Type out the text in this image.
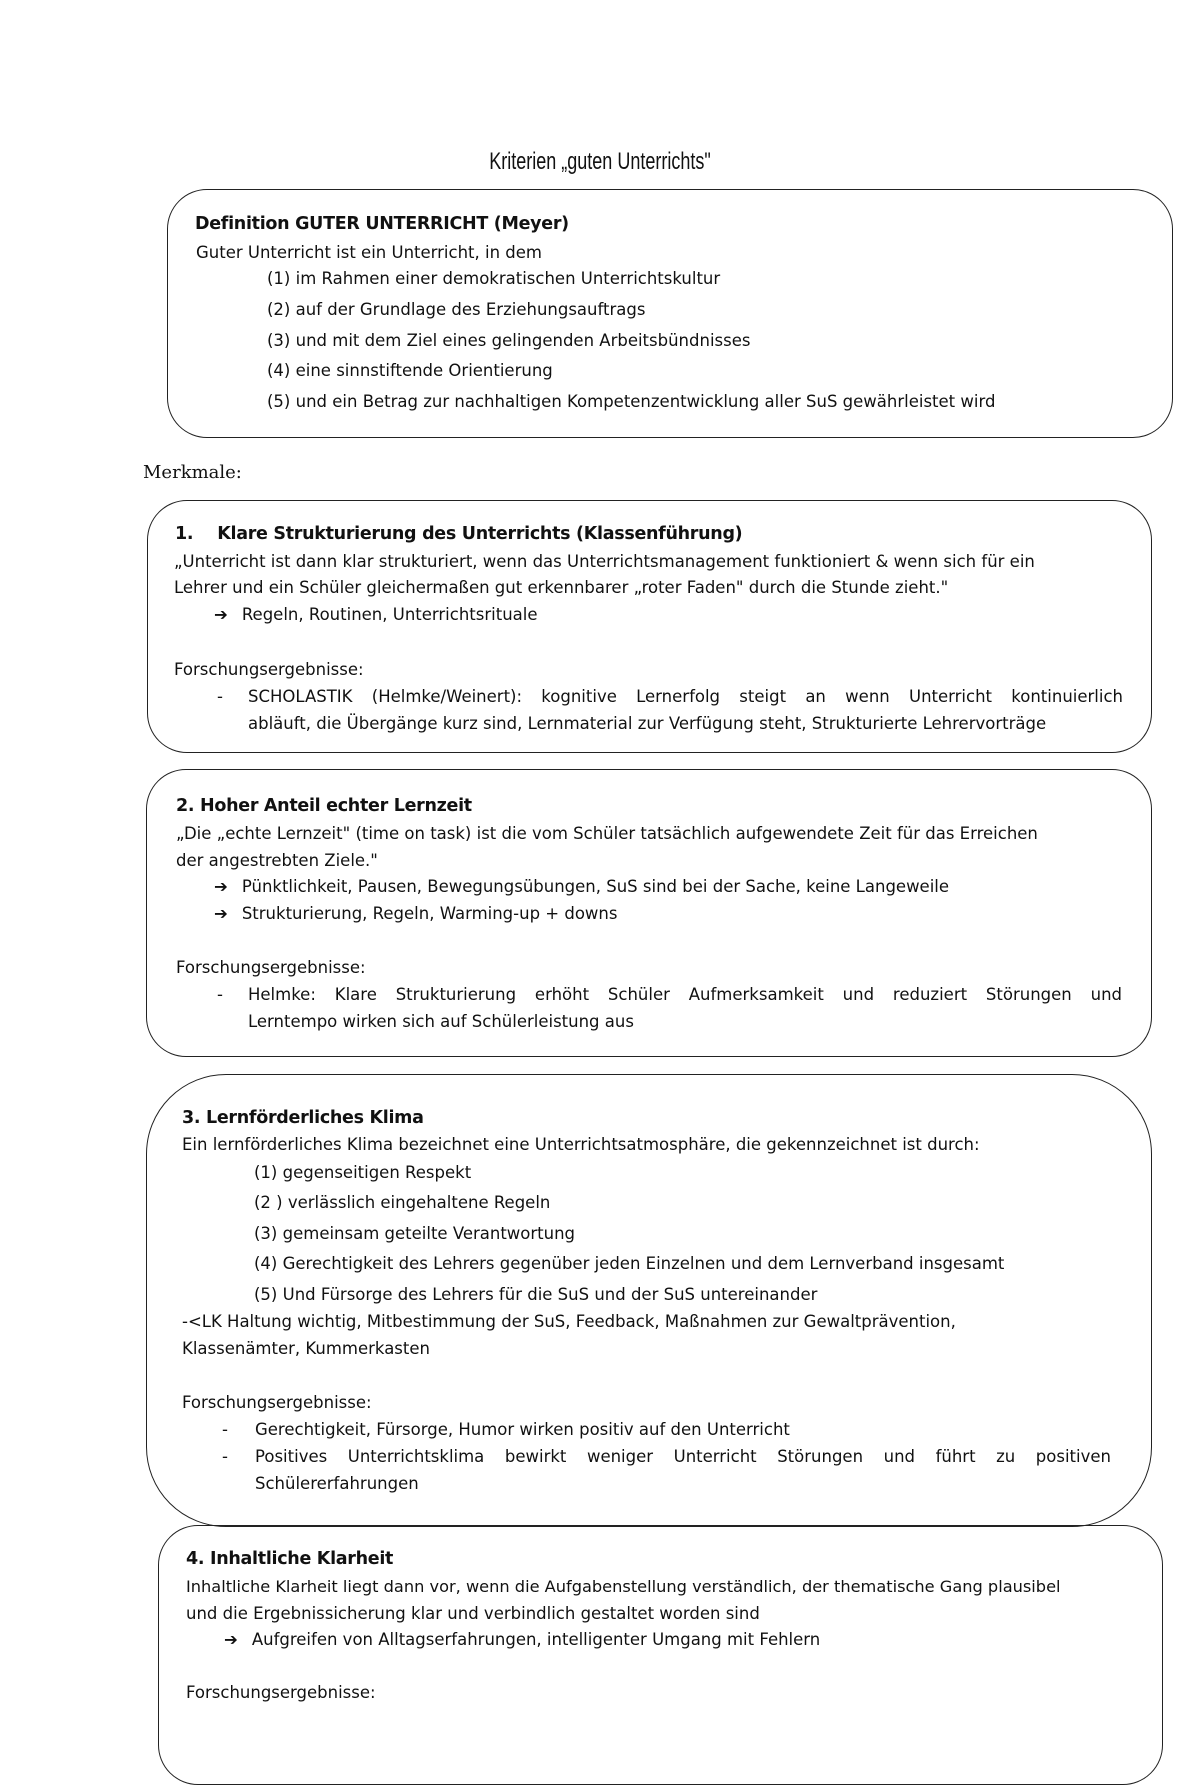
Kriterien „guten Unterrichts"
Definition GUTER UNTERRICHT (Meyer)
Guter Unterricht ist ein Unterricht, in dem
(1) im Rahmen einer demokratischen Unterrichtskultur
(2) auf der Grundlage des Erziehungsauftrags
(3) und mit dem Ziel eines gelingenden Arbeitsbündnisses
(4) eine sinnstiftende Orientierung
(5) und ein Betrag zur nachhaltigen Kompetenzentwicklung aller SuS gewährleistet wird
Merkmale:
1. Klare Strukturierung des Unterrichts (Klassenführung)
„Unterricht ist dann klar strukturiert, wenn das Unterrichtsmanagement funktioniert & wenn sich für ein
Lehrer und ein Schüler gleichermaßen gut erkennbarer „roter Faden" durch die Stunde zieht."
➔ Regeln, Routinen, Unterrichtsrituale
Forschungsergebnisse:
- SCHOLASTIK (Helmke/Weinert): kognitive Lernerfolg steigt an wenn Unterricht kontinuierlich
abläuft, die Übergänge kurz sind, Lernmaterial zur Verfügung steht, Strukturierte Lehrervorträge
2. Hoher Anteil echter Lernzeit
„Die „echte Lernzeit" (time on task) ist die vom Schüler tatsächlich aufgewendete Zeit für das Erreichen
der angestrebten Ziele."
➔ Pünktlichkeit, Pausen, Bewegungsübungen, SuS sind bei der Sache, keine Langeweile
➔ Strukturierung, Regeln, Warming-up + downs
Forschungsergebnisse:
- Helmke: Klare Strukturierung erhöht Schüler Aufmerksamkeit und reduziert Störungen und
Lerntempo wirken sich auf Schülerleistung aus
3. Lernförderliches Klima
Ein lernförderliches Klima bezeichnet eine Unterrichtsatmosphäre, die gekennzeichnet ist durch:
(1) gegenseitigen Respekt
(2 ) verlässlich eingehaltene Regeln
(3) gemeinsam geteilte Verantwortung
(4) Gerechtigkeit des Lehrers gegenüber jeden Einzelnen und dem Lernverband insgesamt
(5) Und Fürsorge des Lehrers für die SuS und der SuS untereinander
-<LK Haltung wichtig, Mitbestimmung der SuS, Feedback, Maßnahmen zur Gewaltprävention,
Klassenämter, Kummerkasten
Forschungsergebnisse:
- Gerechtigkeit, Fürsorge, Humor wirken positiv auf den Unterricht
- Positives Unterrichtsklima bewirkt weniger Unterricht Störungen und führt zu positiven
Schülererfahrungen
4. Inhaltliche Klarheit
Inhaltliche Klarheit liegt dann vor, wenn die Aufgabenstellung verständlich, der thematische Gang plausibel
und die Ergebnissicherung klar und verbindlich gestaltet worden sind
➔ Aufgreifen von Alltagserfahrungen, intelligenter Umgang mit Fehlern
Forschungsergebnisse:
